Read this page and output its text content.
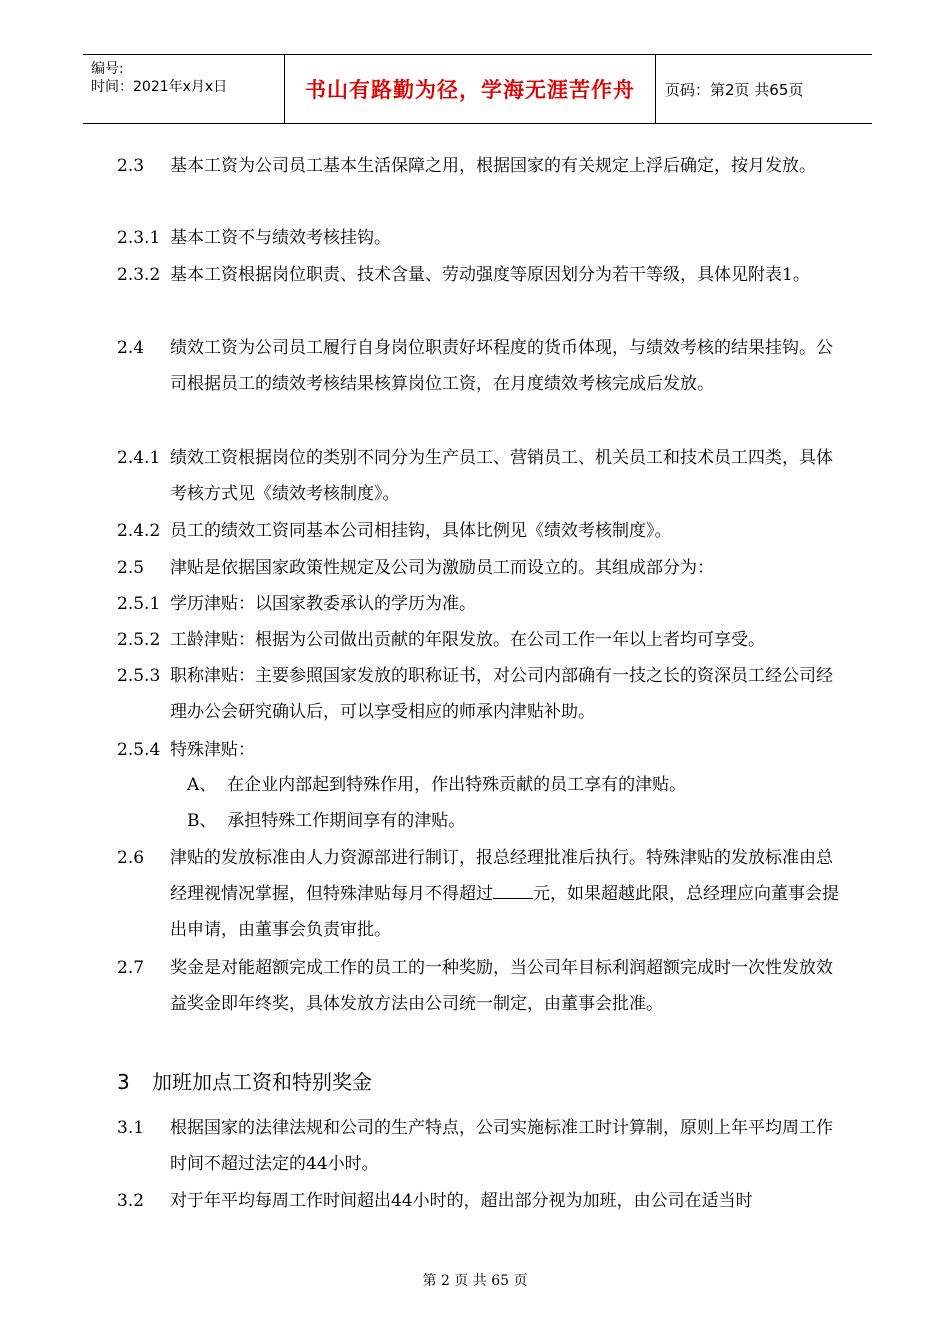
编号:
时间：2021年x月x日	书山有路勤为径，学海无涯苦作舟	页码：第2页 共65页
2.3	基本工资为公司员工基本生活保障之用，根据国家的有关规定上浮后确定，按月发放。
2.3.1 基本工资不与绩效考核挂钩。
2.3.2 基本工资根据岗位职责、技术含量、劳动强度等原因划分为若干等级，具体见附表1。
2.4	绩效工资为公司员工履行自身岗位职责好坏程度的货币体现，与绩效考核的结果挂钩。公司根据员工的绩效考核结果核算岗位工资，在月度绩效考核完成后发放。
2.4.1 绩效工资根据岗位的类别不同分为生产员工、营销员工、机关员工和技术员工四类，具体考核方式见《绩效考核制度》。
2.4.2 员工的绩效工资同基本公司相挂钩，具体比例见《绩效考核制度》。
2.5	津贴是依据国家政策性规定及公司为激励员工而设立的。其组成部分为：
2.5.1 学历津贴：以国家教委承认的学历为准。
2.5.2 工龄津贴：根据为公司做出贡献的年限发放。在公司工作一年以上者均可享受。
2.5.3 职称津贴：主要参照国家发放的职称证书，对公司内部确有一技之长的资深员工经公司经理办公会研究确认后，可以享受相应的师承内津贴补助。
2.5.4 特殊津贴：
A、 在企业内部起到特殊作用，作出特殊贡献的员工享有的津贴。
B、 承担特殊工作期间享有的津贴。
2.6	津贴的发放标准由人力资源部进行制订，报总经理批准后执行。特殊津贴的发放标准由总经理视情况掌握，但特殊津贴每月不得超过 元，如果超越此限，总经理应向董事会提出申请，由董事会负责审批。
2.7	奖金是对能超额完成工作的员工的一种奖励，当公司年目标利润超额完成时一次性发放效益奖金即年终奖，具体发放方法由公司统一制定，由董事会批准。
3 加班加点工资和特别奖金
3.1	根据国家的法律法规和公司的生产特点，公司实施标准工时计算制，原则上年平均周工作时间不超过法定的44小时。
3.2	对于年平均每周工作时间超出44小时的，超出部分视为加班，由公司在适当时
第 2 页 共 65 页
